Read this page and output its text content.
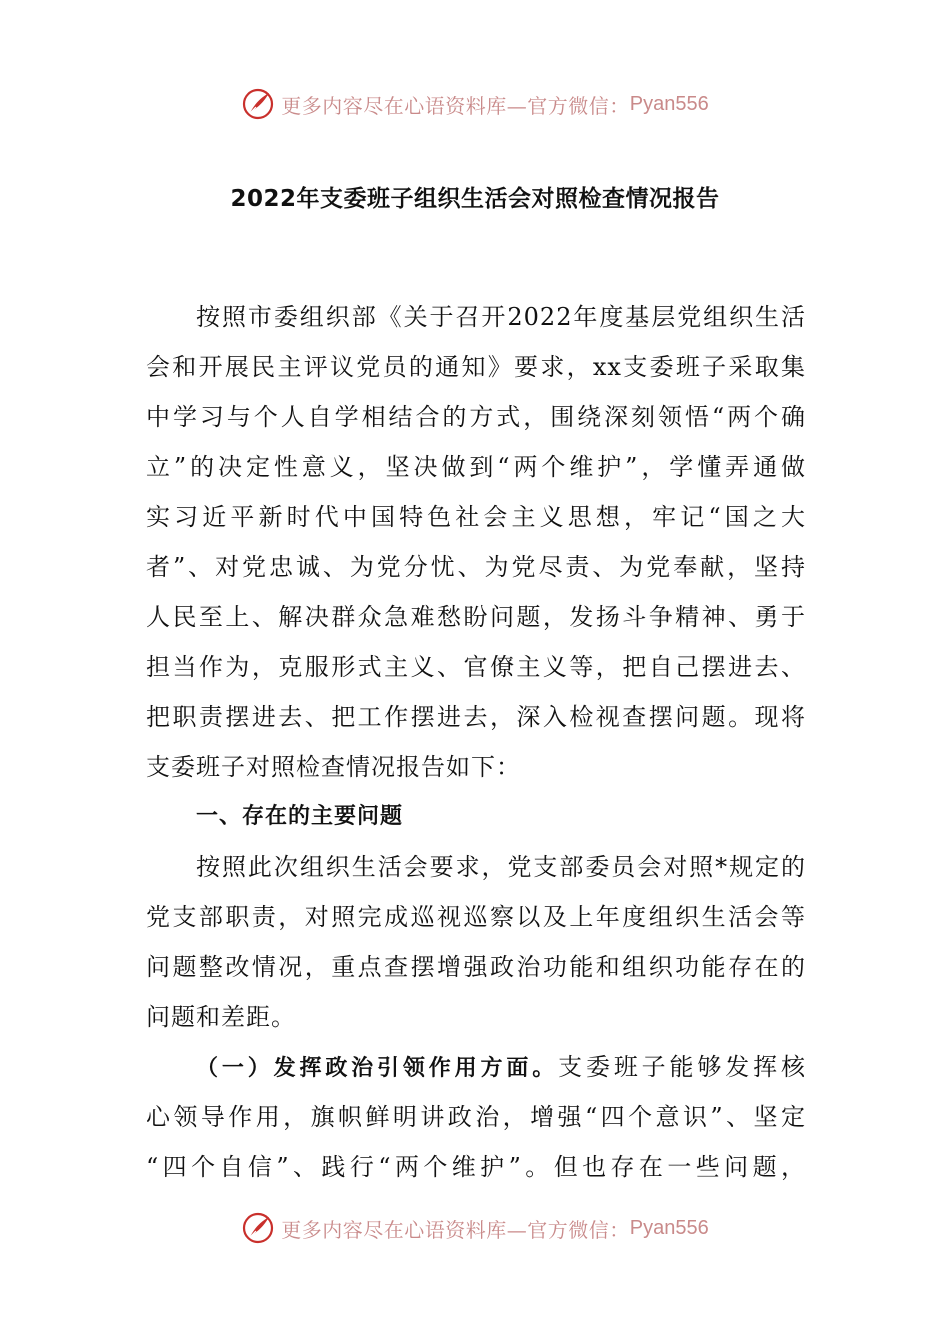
更多内容尽在心语资料库—官方微信： Pyan556
2022年支委班子组织生活会对照检查情况报告
按照市委组织部《关于召开2022年度基层党组织生活
会和开展民主评议党员的通知》要求，xx支委班子采取集
中学习与个人自学相结合的方式，围绕深刻领悟“两个确
立”的决定性意义，坚决做到“两个维护”，学懂弄通做
实习近平新时代中国特色社会主义思想，牢记“国之大
者”、对党忠诚、为党分忧、为党尽责、为党奉献，坚持
人民至上、解决群众急难愁盼问题，发扬斗争精神、勇于
担当作为，克服形式主义、官僚主义等，把自己摆进去、
把职责摆进去、把工作摆进去，深入检视查摆问题。现将
支委班子对照检查情况报告如下：
一、存在的主要问题
按照此次组织生活会要求，党支部委员会对照*规定的
党支部职责，对照完成巡视巡察以及上年度组织生活会等
问题整改情况，重点查摆增强政治功能和组织功能存在的
问题和差距。
（一）发挥政治引领作用方面。支委班子能够发挥核
心领导作用，旗帜鲜明讲政治，增强“四个意识”、坚定
“四个自信”、践行“两个维护”。但也存在一些问题，
更多内容尽在心语资料库—官方微信： Pyan556
